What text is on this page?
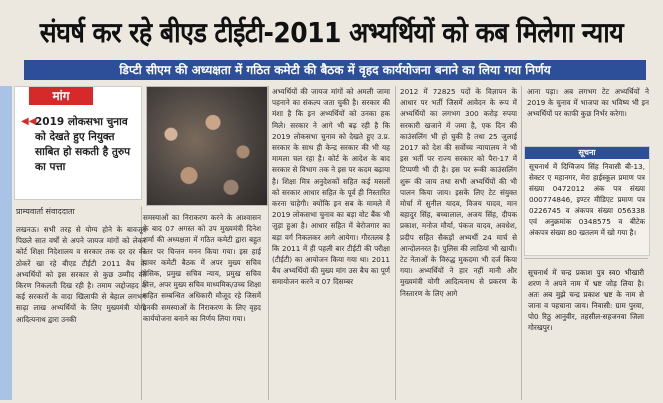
संघर्ष कर रहे बीएड टीईटी-2011 अभ्यर्थियों को कब मिलेगा न्याय
डिप्टी सीएम की अध्यक्षता में गठित कमेटी की बैठक में वृहद कार्ययोजना बनाने का लिया गया निर्णय
मांग
◀◀
2019 लोकसभा चुनाव को देखते हुए नियुक्त साबित हो सकती है तुरुप का पत्ता
प्राम्यवार्ता संवाददाता

लखनऊ। सभी तरह से योग्य होने के बावजूद पिछले सात वर्षों से अपने जायज मांगों को लेकर कोर्ट शिक्षा निदेशालय व सरकार तक दर दर की ठोकरें खा रहे बीएड टीईटी 2011 बैच के अभ्यर्थियों को इस सरकार से कुछ उम्मीद की किरण निकलती दिख रही है। तमाम जद्दोजहद व कई सरकारों के वादा खिलाफी से बेहाल लगभग साढ़ा लाख अभ्यर्थियों के लिए मुख्यमंत्री योगी आदित्यनाथ द्वारा उनकी

समस्याओं का निराकरण करने के आश्वासन के बाद 07 अगस्त को उप मुख्यमंत्री दिनेश शर्मा की अध्यक्षता में गठित कमेटी द्वारा बहुत स्तर पर चिन्तन मनन किया गया। इस हाई पावर कमेटी बैठक में अपर मुख्य सचिव बेसिक, प्रमुख सचिव न्याय, प्रमुख सचिव वित्त, अपर मुख्य सचिव माध्यमिक/उच्च शिक्षा सहित सम्बन्धित अधिकारी मौजूद रहे जिसमें इनकी समस्याओं के निराकरण के लिए वृहद कार्ययोजना बनाने का निर्णय लिया गया।

अभ्यर्थियों की जायज मांगों को अमली जामा पहनाने का संकल्प जता चुकी है। सरकार की मंशा है कि इन अभ्यर्थियों को उनका हक मिले। सरकार ने आगे भी बढ़ रही है कि 2019 लोकसभा चुनाव को देखते हुए उ.प्र. सरकार के साथ ही केन्द्र सरकार की भी यह मामला चल रहा है। कोर्ट के आदेश के बाद सरकार से विभाग तक ने इस पर कदम बढ़ाया है। शिक्षा मित्र अनुदेशकों सहित कई मसलों को सरकार आधार सहित के पूर्व ही निस्तारित करना चाहेगी। क्योंकि इन सब के मामले में 2019 लोकसभा चुनाव का बड़ा वोट बैंक भी जुड़ा हुआ है। आधार सहित में बेरोजगार का बड़ा वर्ग निकलकर आगे आयेगा। गौरतलब है कि 2011 में ही पहली बार टीईटी की परीक्षा (टीईटी) का आयोजन किया गया था। 2011 बैच अभ्यर्थियों की मुख्य मांग उस बैच का पूर्ण समायोजन करने व 07 दिसम्बर

2012 में 72825 पदों के विज्ञापन के आधार पर भर्ती जिसमें आवेदन के रूप में अभ्यर्थियों का लगभग 300 करोड़ रुपया सरकारी खजाने में जमा है, एक दिन की काउंसलिंग भी हो चुकी है तथा 25 जुलाई 2017 को देश की सर्वोच्च न्यायालय ने भी इस भर्ती पर राज्य सरकार को पैरा-17 में टिप्पणी भी दी है। इस पर रूकी काउंसलिंग शुरू की जाय तथा सभी अभ्यर्थियों की भी पालन किया जाय। इसके लिए टेट संयुक्त मोर्चा में सुनील यादव, विजय यादव, मान बहादुर सिंह, बच्चालाल, अजय सिंह, दीपक प्रकाश, मनोज मौर्या, पंकज यादव, अवधेश, प्रदीप सहित सैकड़ों अभ्यर्थी 24 मार्च से आन्दोलनरत है। पुलिस की लाठियां भी खायी। टेट नेताओं के विरुद्ध मुकदमा भी दर्ज किया गया। अभ्यर्थियों ने हार नहीं मानी और मुख्यमंत्री योगी आदित्यनाथ से प्रकरण के निस्तारण के लिए आगे

आना पड़ा। अब लगभग टेट अभ्यर्थियों ने 2019 के चुनाव में भाजपा का भविष्य भी इन अभ्यर्थियों पर काफी कुछ निर्भर करेगा।

सूचना
सूचनार्थ में दिग्विजय सिंह निवासी बी-13, सेक्टर ए महानगर, मेरा हाईस्कूल प्रमाण पत्र संख्या 0472012 अंक पत्र संख्या 000774846, इण्टर मीडिएट प्रमाण पत्र 0226745 व अंकपत्र संख्या 056338 एवं अनुक्रमांक 0348575 व बीटेक अंकपत्र संख्या 80 खतलम में खो गया है।
सूचनार्थ में चन्द्र प्रकाश पुत्र स्व0 भीखारी शरण ने अपने नाम में भ्रष्ट जोड़ लिया है। अतः अब मुझे चन्द्र प्रकाश भ्रष्ट के नाम से जाना व पहचाना जाय। निवासी: ग्राम पुरवा, पो0 रिठु आनुवीर, तहसील-सहजनवा जिला गोरखपुर।
